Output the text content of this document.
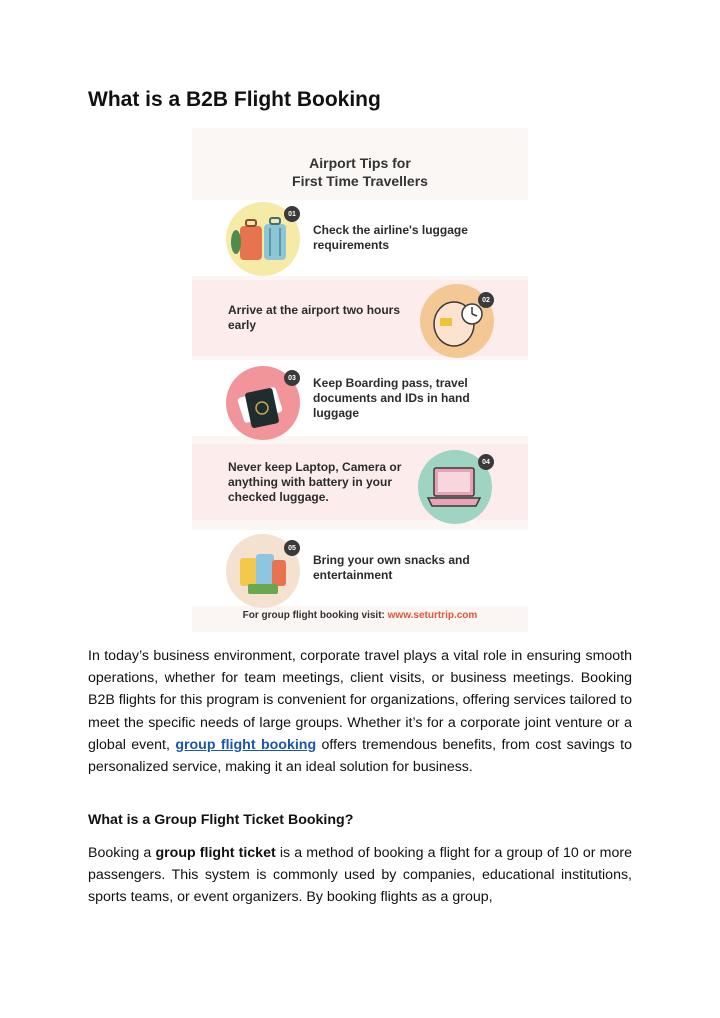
What is a B2B Flight Booking
Airport Tips for
First Time Travellers
01
Check the airline's luggage requirements
Arrive at the airport two hours early
02
03	Keep Boarding pass, travel documents and IDs in hand luggage
Never keep Laptop, Camera or anything with battery in your checked luggage.
04
05
Bring your own snacks and entertainment
For group flight booking visit: www.seturtrip.com

In today’s business environment, corporate travel plays a vital role in ensuring smooth operations, whether for team meetings, client visits, or business meetings. Booking B2B flights for this program is convenient for organizations, offering services tailored to meet the specific needs of large groups. Whether it’s for a corporate joint venture or a global event, group flight booking offers tremendous benefits, from cost savings to personalized service, making it an ideal solution for business.

What is a Group Flight Ticket Booking?

Booking a group flight ticket is a method of booking a flight for a group of 10 or more passengers. This system is commonly used by companies, educational institutions, sports teams, or event organizers. By booking flights as a group,
